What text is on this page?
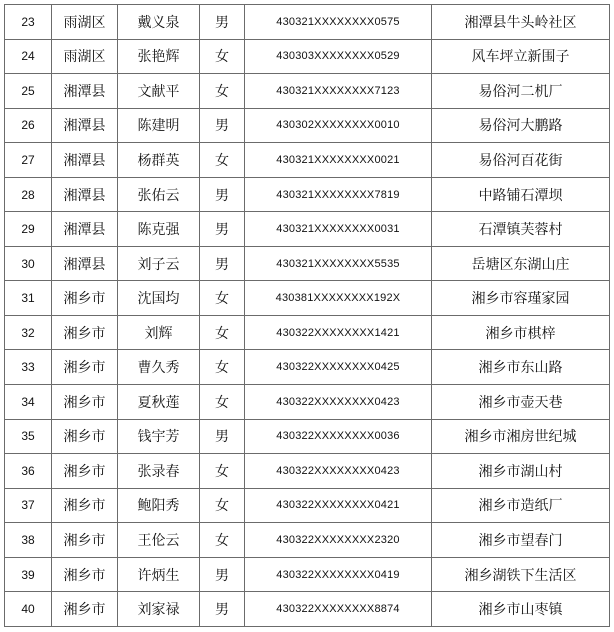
23	雨湖区	戴义泉	男	430321XXXXXXXX0575	湘潭县牛头岭社区
24	雨湖区	张艳辉	女	430303XXXXXXXX0529	风车坪立新围子
25	湘潭县	文献平	女	430321XXXXXXXX7123	易俗河二机厂
26	湘潭县	陈建明	男	430302XXXXXXXX0010	易俗河大鹏路
27	湘潭县	杨群英	女	430321XXXXXXXX0021	易俗河百花街
28	湘潭县	张佑云	男	430321XXXXXXXX7819	中路铺石潭坝
29	湘潭县	陈克强	男	430321XXXXXXXX0031	石潭镇芙蓉村
30	湘潭县	刘子云	男	430321XXXXXXXX5535	岳塘区东湖山庄
31	湘乡市	沈国均	女	430381XXXXXXXX192X	湘乡市容瑾家园
32	湘乡市	刘辉	女	430322XXXXXXXX1421	湘乡市棋梓
33	湘乡市	曹久秀	女	430322XXXXXXXX0425	湘乡市东山路
34	湘乡市	夏秋莲	女	430322XXXXXXXX0423	湘乡市壶天巷
35	湘乡市	钱宇芳	男	430322XXXXXXXX0036	湘乡市湘房世纪城
36	湘乡市	张录春	女	430322XXXXXXXX0423	湘乡市湖山村
37	湘乡市	鲍阳秀	女	430322XXXXXXXX0421	湘乡市造纸厂
38	湘乡市	王伦云	女	430322XXXXXXXX2320	湘乡市望春门
39	湘乡市	许炳生	男	430322XXXXXXXX0419	湘乡湖铁下生活区
40	湘乡市	刘家禄	男	430322XXXXXXXX8874	湘乡市山枣镇
